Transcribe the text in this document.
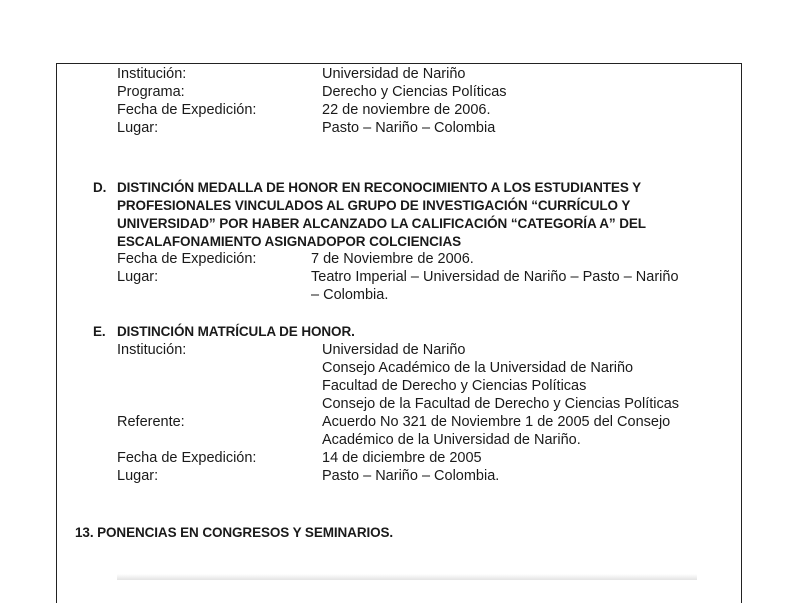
Institución:	Universidad de Nariño
Programa:	Derecho y Ciencias Políticas
Fecha de Expedición:	22 de noviembre de 2006.
Lugar:	Pasto – Nariño – Colombia
D. DISTINCIÓN MEDALLA DE HONOR EN RECONOCIMIENTO A LOS ESTUDIANTES Y
PROFESIONALES VINCULADOS AL GRUPO DE INVESTIGACIÓN “CURRÍCULO Y
UNIVERSIDAD” POR HABER ALCANZADO LA CALIFICACIÓN “CATEGORÍA A” DEL
ESCALAFONAMIENTO ASIGNADOPOR COLCIENCIAS
Fecha de Expedición:	7 de Noviembre de 2006.
Lugar:	Teatro Imperial – Universidad de Nariño – Pasto – Nariño
– Colombia.
E. DISTINCIÓN MATRÍCULA DE HONOR.
Institución:	Universidad de Nariño
Consejo Académico de la Universidad de Nariño
Facultad de Derecho y Ciencias Políticas
Consejo de la Facultad de Derecho y Ciencias Políticas
Referente:	Acuerdo No 321 de Noviembre 1 de 2005 del Consejo
Académico de la Universidad de Nariño.
Fecha de Expedición:	14 de diciembre de 2005
Lugar:	Pasto – Nariño – Colombia.
13. PONENCIAS EN CONGRESOS Y SEMINARIOS.
